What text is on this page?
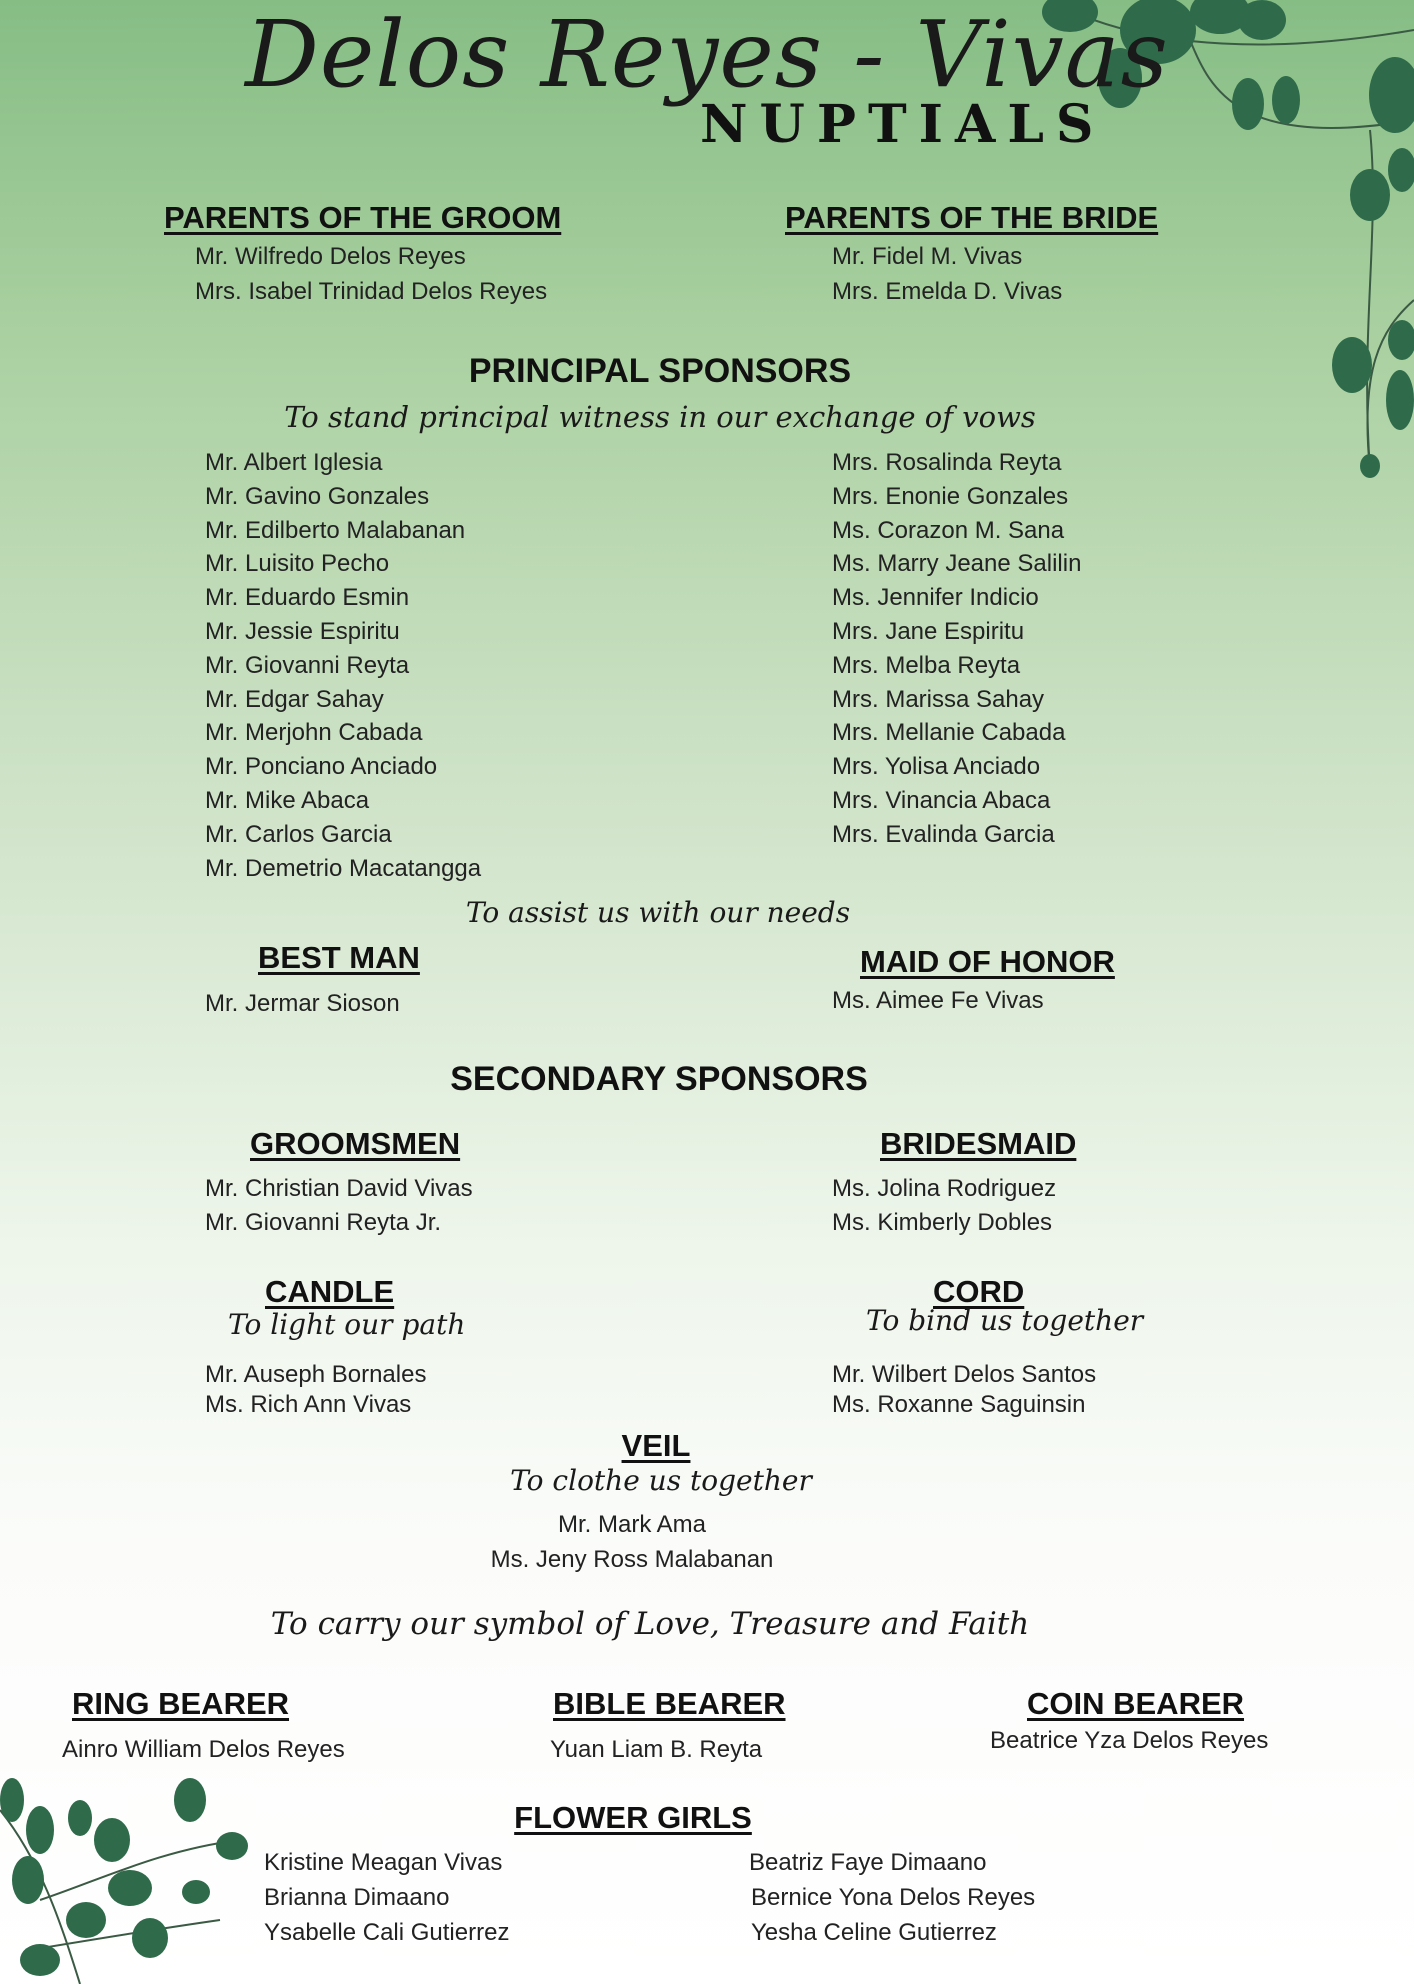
Delos Reyes - Vivas
NUPTIALS
PARENTS OF THE GROOM
Mr. Wilfredo Delos Reyes
Mrs. Isabel Trinidad Delos Reyes
PARENTS OF THE BRIDE
Mr. Fidel M. Vivas
Mrs. Emelda D. Vivas
PRINCIPAL SPONSORS
To stand principal witness in our exchange of vows
Mr. Albert Iglesia
Mr. Gavino Gonzales
Mr. Edilberto Malabanan
Mr. Luisito Pecho
Mr. Eduardo Esmin
Mr. Jessie Espiritu
Mr. Giovanni Reyta
Mr. Edgar Sahay
Mr. Merjohn Cabada
Mr. Ponciano Anciado
Mr. Mike Abaca
Mr. Carlos Garcia
Mr. Demetrio Macatangga
Mrs. Rosalinda Reyta
Mrs. Enonie Gonzales
Ms. Corazon M. Sana
Ms. Marry Jeane Salilin
Ms. Jennifer Indicio
Mrs. Jane Espiritu
Mrs. Melba Reyta
Mrs. Marissa Sahay
Mrs. Mellanie Cabada
Mrs. Yolisa Anciado
Mrs. Vinancia Abaca
Mrs. Evalinda Garcia
To assist us with our needs
BEST MAN
Mr. Jermar Sioson
MAID OF HONOR
Ms. Aimee Fe Vivas
SECONDARY SPONSORS
GROOMSMEN
Mr. Christian David Vivas
Mr. Giovanni Reyta Jr.
BRIDESMAID
Ms. Jolina Rodriguez
Ms. Kimberly Dobles
CANDLE
To light our path
Mr. Auseph Bornales
Ms. Rich Ann Vivas
CORD
To bind us together
Mr. Wilbert Delos Santos
Ms. Roxanne Saguinsin
VEIL
To clothe us together
Mr. Mark Ama
Ms. Jeny Ross Malabanan
To carry our symbol of Love, Treasure and Faith
RING BEARER
Ainro William Delos Reyes
BIBLE BEARER
Yuan Liam B. Reyta
COIN BEARER
Beatrice Yza Delos Reyes
FLOWER GIRLS
Kristine Meagan Vivas
Brianna Dimaano
Ysabelle Cali Gutierrez
Beatriz Faye Dimaano
Bernice Yona Delos Reyes
Yesha Celine Gutierrez
